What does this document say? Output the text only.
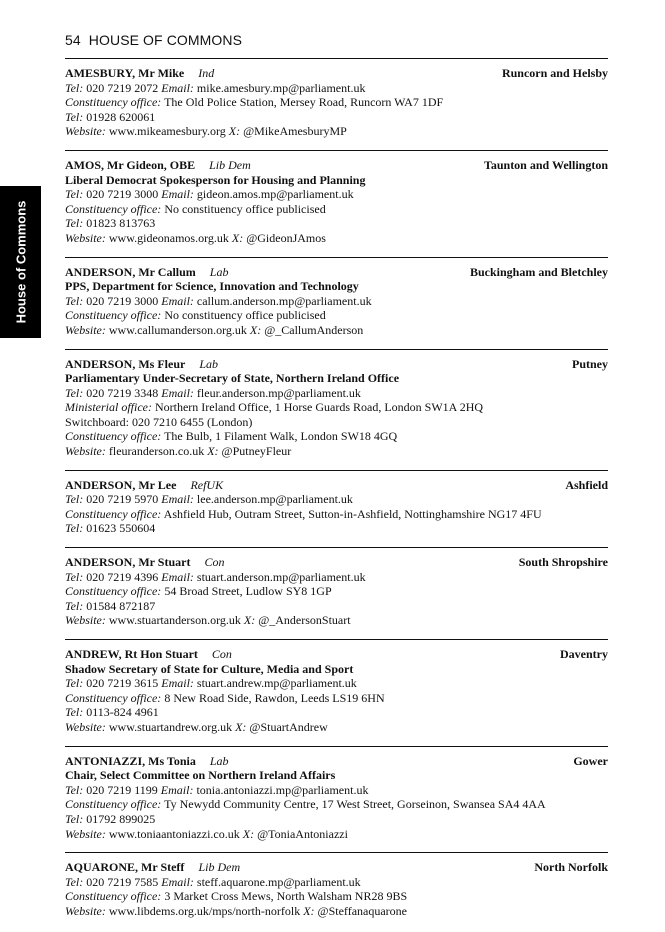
54 HOUSE OF COMMONS
House of Commons
AMESBURY, Mr Mike Ind	Runcorn and Helsby
Tel: 020 7219 2072 Email: mike.amesbury.mp@parliament.uk
Constituency office: The Old Police Station, Mersey Road, Runcorn WA7 1DF
Tel: 01928 620061
Website: www.mikeamesbury.org X: @MikeAmesburyMP
AMOS, Mr Gideon, OBE Lib Dem	Taunton and Wellington
Liberal Democrat Spokesperson for Housing and Planning
Tel: 020 7219 3000 Email: gideon.amos.mp@parliament.uk
Constituency office: No constituency office publicised
Tel: 01823 813763
Website: www.gideonamos.org.uk X: @GideonJAmos
ANDERSON, Mr Callum Lab	Buckingham and Bletchley
PPS, Department for Science, Innovation and Technology
Tel: 020 7219 3000 Email: callum.anderson.mp@parliament.uk
Constituency office: No constituency office publicised
Website: www.callumanderson.org.uk X: @_CallumAnderson
ANDERSON, Ms Fleur Lab	Putney
Parliamentary Under-Secretary of State, Northern Ireland Office
Tel: 020 7219 3348 Email: fleur.anderson.mp@parliament.uk
Ministerial office: Northern Ireland Office, 1 Horse Guards Road, London SW1A 2HQ
Switchboard: 020 7210 6455 (London)
Constituency office: The Bulb, 1 Filament Walk, London SW18 4GQ
Website: fleuranderson.co.uk X: @PutneyFleur
ANDERSON, Mr Lee RefUK	Ashfield
Tel: 020 7219 5970 Email: lee.anderson.mp@parliament.uk
Constituency office: Ashfield Hub, Outram Street, Sutton-in-Ashfield, Nottinghamshire NG17 4FU
Tel: 01623 550604
ANDERSON, Mr Stuart Con	South Shropshire
Tel: 020 7219 4396 Email: stuart.anderson.mp@parliament.uk
Constituency office: 54 Broad Street, Ludlow SY8 1GP
Tel: 01584 872187
Website: www.stuartanderson.org.uk X: @_AndersonStuart
ANDREW, Rt Hon Stuart Con	Daventry
Shadow Secretary of State for Culture, Media and Sport
Tel: 020 7219 3615 Email: stuart.andrew.mp@parliament.uk
Constituency office: 8 New Road Side, Rawdon, Leeds LS19 6HN
Tel: 0113-824 4961
Website: www.stuartandrew.org.uk X: @StuartAndrew
ANTONIAZZI, Ms Tonia Lab	Gower
Chair, Select Committee on Northern Ireland Affairs
Tel: 020 7219 1199 Email: tonia.antoniazzi.mp@parliament.uk
Constituency office: Ty Newydd Community Centre, 17 West Street, Gorseinon, Swansea SA4 4AA
Tel: 01792 899025
Website: www.toniaantoniazzi.co.uk X: @ToniaAntoniazzi
AQUARONE, Mr Steff Lib Dem	North Norfolk
Tel: 020 7219 7585 Email: steff.aquarone.mp@parliament.uk
Constituency office: 3 Market Cross Mews, North Walsham NR28 9BS
Website: www.libdems.org.uk/mps/north-norfolk X: @Steffanaquarone
